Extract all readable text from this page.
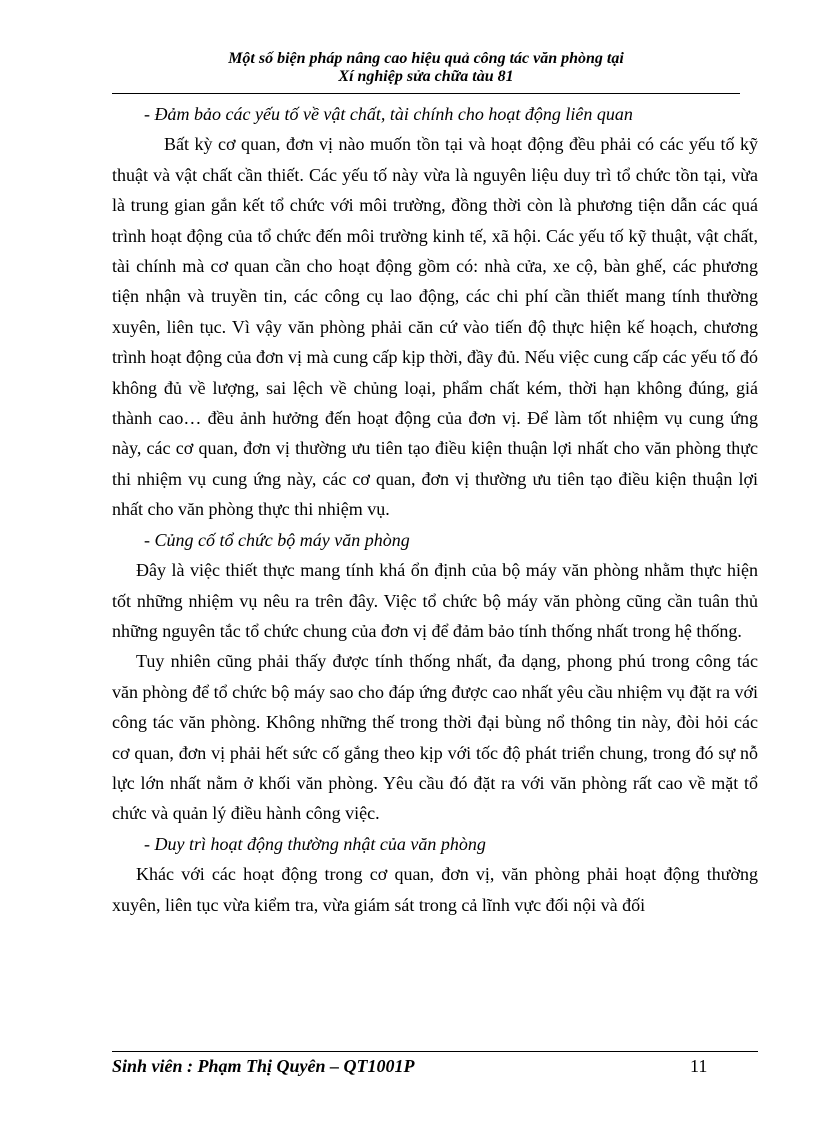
Một số biện pháp nâng cao hiệu quả công tác văn phòng tại
Xí nghiệp sửa chữa tàu 81

- Đảm bảo các yếu tố về vật chất, tài chính cho hoạt động liên quan

Bất kỳ cơ quan, đơn vị nào muốn tồn tại và hoạt động đều phải có các yếu tố kỹ thuật và vật chất cần thiết. Các yếu tố này vừa là nguyên liệu duy trì tổ chức tồn tại, vừa là trung gian gắn kết tổ chức với môi trường, đồng thời còn là phương tiện dẫn các quá trình hoạt động của tổ chức đến môi trường kinh tế, xã hội. Các yếu tố kỹ thuật, vật chất, tài chính mà cơ quan cần cho hoạt động gồm có: nhà cửa, xe cộ, bàn ghế, các phương tiện nhận và truyền tin, các công cụ lao động, các chi phí cần thiết mang tính thường xuyên, liên tục. Vì vậy văn phòng phải căn cứ vào tiến độ thực hiện kế hoạch, chương trình hoạt động của đơn vị mà cung cấp kịp thời, đầy đủ. Nếu việc cung cấp các yếu tố đó không đủ về lượng, sai lệch về chủng loại, phẩm chất kém, thời hạn không đúng, giá thành cao… đều ảnh hưởng đến hoạt động của đơn vị. Để làm tốt nhiệm vụ cung ứng này, các cơ quan, đơn vị thường ưu tiên tạo điều kiện thuận lợi nhất cho văn phòng thực thi nhiệm vụ cung ứng này, các cơ quan, đơn vị thường ưu tiên tạo điều kiện thuận lợi nhất cho văn phòng thực thi nhiệm vụ.

- Củng cố tổ chức bộ máy văn phòng

Đây là việc thiết thực mang tính khá ổn định của bộ máy văn phòng nhằm thực hiện tốt những nhiệm vụ nêu ra trên đây. Việc tổ chức bộ máy văn phòng cũng cần tuân thủ những nguyên tắc tổ chức chung của đơn vị để đảm bảo tính thống nhất trong hệ thống.

Tuy nhiên cũng phải thấy được tính thống nhất, đa dạng, phong phú trong công tác văn phòng để tổ chức bộ máy sao cho đáp ứng được cao nhất yêu cầu nhiệm vụ đặt ra với công tác văn phòng. Không những thế trong thời đại bùng nổ thông tin này, đòi hỏi các cơ quan, đơn vị phải hết sức cố gắng theo kịp với tốc độ phát triển chung, trong đó sự nỗ lực lớn nhất nằm ở khối văn phòng. Yêu cầu đó đặt ra với văn phòng rất cao về mặt tổ chức và quản lý điều hành công việc.

- Duy trì hoạt động thường nhật của văn phòng

Khác với các hoạt động trong cơ quan, đơn vị, văn phòng phải hoạt động thường xuyên, liên tục vừa kiểm tra, vừa giám sát trong cả lĩnh vực đối nội và đối

Sinh viên : Phạm Thị Quyên – QT1001P	11
